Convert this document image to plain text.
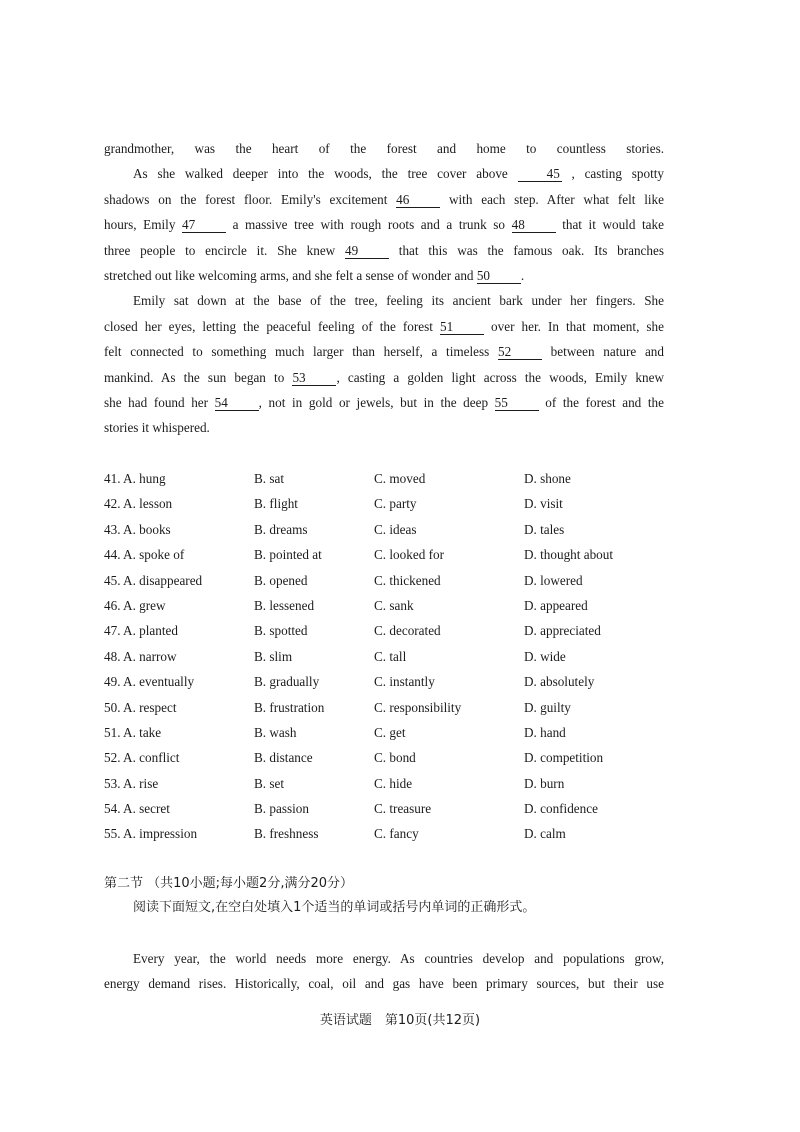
grandmother, was the heart of the forest and home to countless stories.

As she walked deeper into the woods, the tree cover above 45 , casting spotty

shadows on the forest floor. Emily's excitement 46 with each step. After what felt like

hours, Emily 47 a massive tree with rough roots and a trunk so 48 that it would take

three people to encircle it. She knew 49 that this was the famous oak. Its branches

stretched out like welcoming arms, and she felt a sense of wonder and 50 .

Emily sat down at the base of the tree, feeling its ancient bark under her fingers. She

closed her eyes, letting the peaceful feeling of the forest 51 over her. In that moment, she

felt connected to something much larger than herself, a timeless 52 between nature and

mankind. As the sun began to 53 , casting a golden light across the woods, Emily knew

she had found her 54 , not in gold or jewels, but in the deep 55 of the forest and the

stories it whispered.

41. A. hung	B. sat	C. moved	D. shone
42. A. lesson	B. flight	C. party	D. visit
43. A. books	B. dreams	C. ideas	D. tales
44. A. spoke of	B. pointed at	C. looked for	D. thought about
45. A. disappeared	B. opened	C. thickened	D. lowered
46. A. grew	B. lessened	C. sank	D. appeared
47. A. planted	B. spotted	C. decorated	D. appreciated
48. A. narrow	B. slim	C. tall	D. wide
49. A. eventually	B. gradually	C. instantly	D. absolutely
50. A. respect	B. frustration	C. responsibility	D. guilty
51. A. take	B. wash	C. get	D. hand
52. A. conflict	B. distance	C. bond	D. competition
53. A. rise	B. set	C. hide	D. burn
54. A. secret	B. passion	C. treasure	D. confidence
55. A. impression	B. freshness	C. fancy	D. calm
第二节 （共10小题;每小题2分,满分20分）
阅读下面短文,在空白处填入1个适当的单词或括号内单词的正确形式。

Every year, the world needs more energy. As countries develop and populations grow,

energy demand rises. Historically, coal, oil and gas have been primary sources, but their use

英语试题　第10页(共12页)
